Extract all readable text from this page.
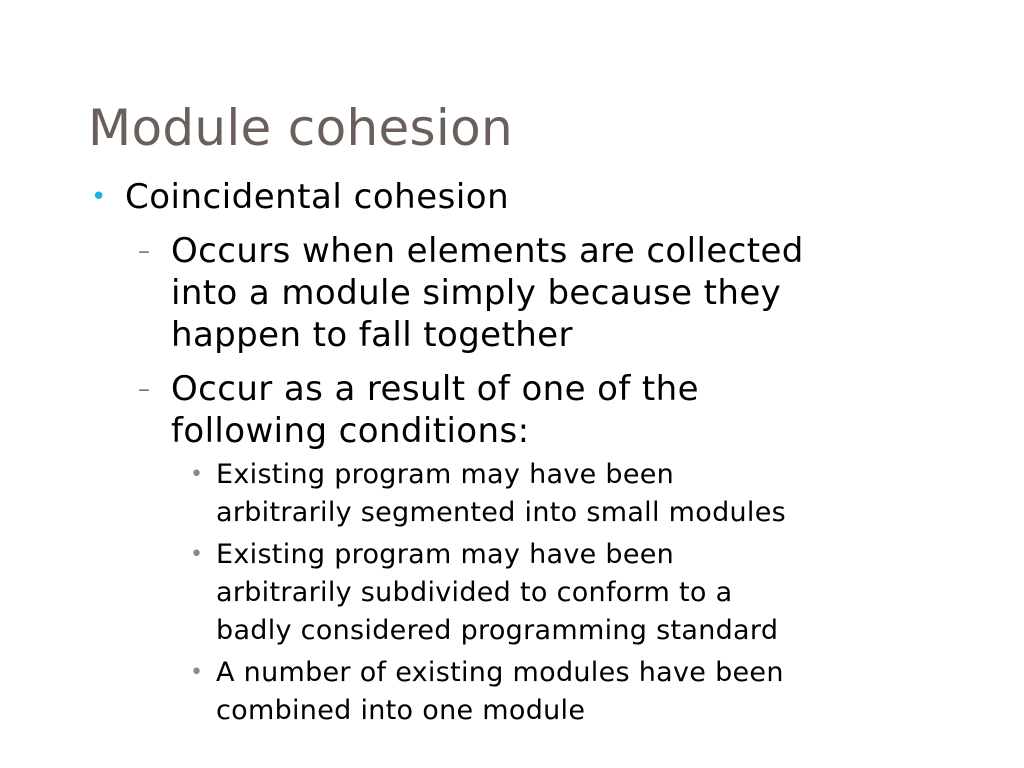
Module cohesion
• Coincidental cohesion
– Occurs when elements are collected
into a module simply because they
happen to fall together
– Occur as a result of one of the
following conditions:
• Existing program may have been
arbitrarily segmented into small modules
• Existing program may have been
arbitrarily subdivided to conform to a
badly considered programming standard
• A number of existing modules have been
combined into one module
